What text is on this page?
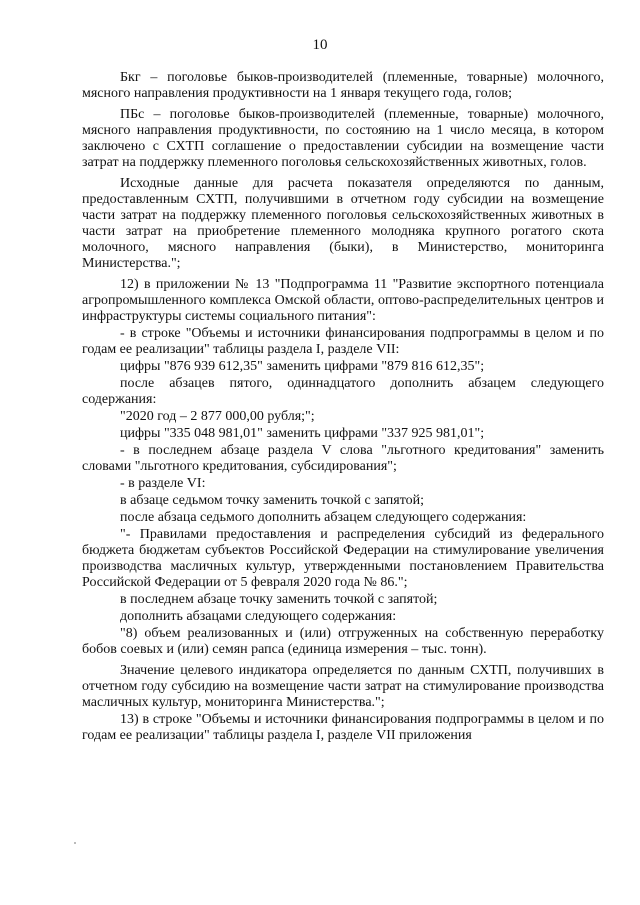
10

Бкг – поголовье быков-производителей (племенные, товарные) молочного, мясного направления продуктивности на 1 января текущего года, голов;

ПБс – поголовье быков-производителей (племенные, товарные) молочного, мясного направления продуктивности, по состоянию на 1 число месяца, в котором заключено с СХТП соглашение о предоставлении субсидии на возмещение части затрат на поддержку племенного поголовья сельскохозяйственных животных, голов.

Исходные данные для расчета показателя определяются по данным, предоставленным СХТП, получившими в отчетном году субсидии на возмещение части затрат на поддержку племенного поголовья сельскохозяйственных животных в части затрат на приобретение племенного молодняка крупного рогатого скота молочного, мясного направления (быки), в Министерство, мониторинга Министерства.";

12) в приложении № 13 "Подпрограмма 11 "Развитие экспортного потенциала агропромышленного комплекса Омской области, оптово-распределительных центров и инфраструктуры системы социального питания":

- в строке "Объемы и источники финансирования подпрограммы в целом и по годам ее реализации" таблицы раздела I, разделе VII:

цифры "876 939 612,35" заменить цифрами "879 816 612,35";

после абзацев пятого, одиннадцатого дополнить абзацем следующего содержания:

"2020 год – 2 877 000,00 рубля;";

цифры "335 048 981,01" заменить цифрами "337 925 981,01";

- в последнем абзаце раздела V слова "льготного кредитования" заменить словами "льготного кредитования, субсидирования";

- в разделе VI:

в абзаце седьмом точку заменить точкой с запятой;

после абзаца седьмого дополнить абзацем следующего содержания:

"- Правилами предоставления и распределения субсидий из федерального бюджета бюджетам субъектов Российской Федерации на стимулирование увеличения производства масличных культур, утвержденными постановлением Правительства Российской Федерации от 5 февраля 2020 года № 86.";

в последнем абзаце точку заменить точкой с запятой;

дополнить абзацами следующего содержания:

"8) объем реализованных и (или) отгруженных на собственную переработку бобов соевых и (или) семян рапса (единица измерения – тыс. тонн).

Значение целевого индикатора определяется по данным СХТП, получивших в отчетном году субсидию на возмещение части затрат на стимулирование производства масличных культур, мониторинга Министерства.";

13) в строке "Объемы и источники финансирования подпрограммы в целом и по годам ее реализации" таблицы раздела I, разделе VII приложения
